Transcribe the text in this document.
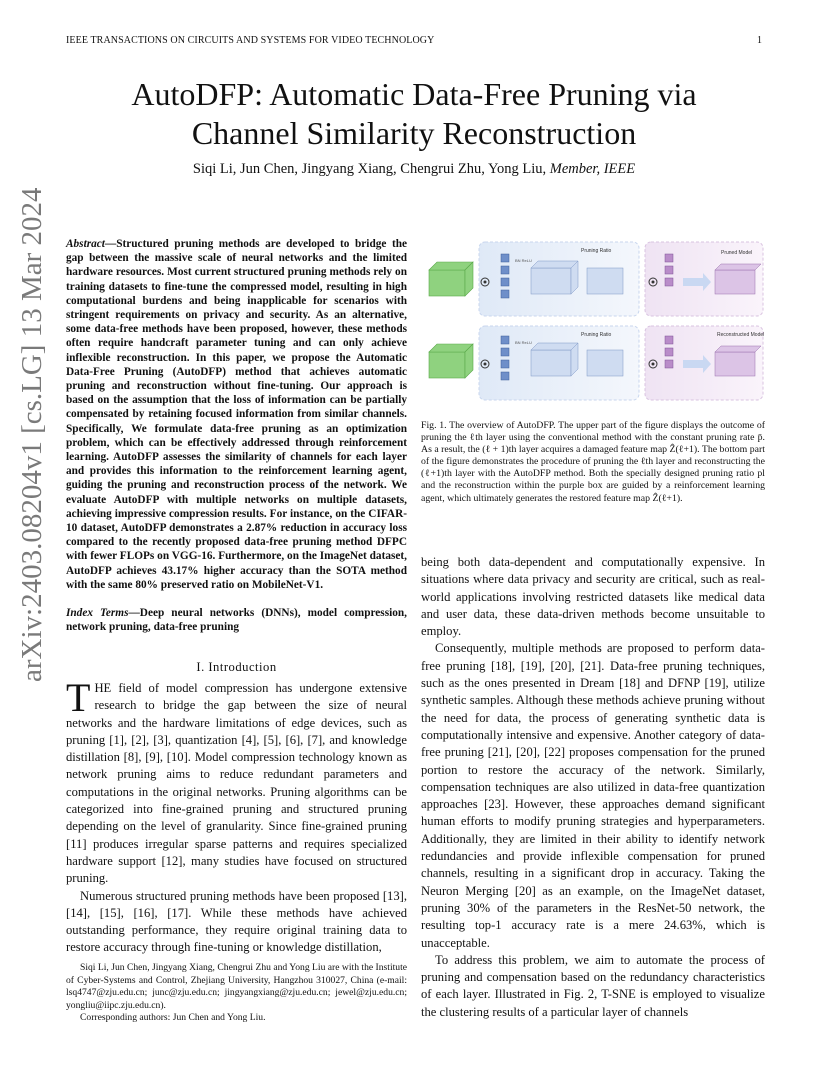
IEEE TRANSACTIONS ON CIRCUITS AND SYSTEMS FOR VIDEO TECHNOLOGY	1
AutoDFP: Automatic Data-Free Pruning via
Channel Similarity Reconstruction
Siqi Li, Jun Chen, Jingyang Xiang, Chengrui Zhu, Yong Liu, Member, IEEE
arXiv:2403.08204v1 [cs.LG] 13 Mar 2024 Abstract—Structured pruning methods are developed to bridge the gap between the massive scale of neural networks and the limited hardware resources. Most current structured pruning methods rely on training datasets to fine-tune the compressed model, resulting in high computational burdens and being inapplicable for scenarios with stringent requirements on privacy and security. As an alternative, some data-free methods have been proposed, however, these methods often require handcraft parameter tuning and can only achieve inflexible reconstruction. In this paper, we propose the Automatic Data-Free Pruning (AutoDFP) method that achieves automatic pruning and reconstruction without fine-tuning. Our approach is based on the assumption that the loss of information can be partially compensated by retaining focused information from similar channels. Specifically, We formulate data-free pruning as an optimization problem, which can be effectively addressed through reinforcement learning. AutoDFP assesses the similarity of channels for each layer and provides this information to the reinforcement learning agent, guiding the pruning and reconstruction process of the network. We evaluate AutoDFP with multiple networks on multiple datasets, achieving impressive compression results. For instance, on the CIFAR-10 dataset, AutoDFP demonstrates a 2.87% reduction in accuracy loss compared to the recently proposed data-free pruning method DFPC with fewer FLOPs on VGG-16. Furthermore, on the ImageNet dataset, AutoDFP achieves 43.17% higher accuracy than the SOTA method with the same 80% preserved ratio on MobileNet-V1.
Index Terms—Deep neural networks (DNNs), model compression, network pruning, data-free pruning
I. Introduction

THE field of model compression has undergone extensive research to bridge the gap between the size of neural networks and the hardware limitations of edge devices, such as pruning [1], [2], [3], quantization [4], [5], [6], [7], and knowledge distillation [8], [9], [10]. Model compression technology known as network pruning aims to reduce redundant parameters and computations in the original networks. Pruning algorithms can be categorized into fine-grained pruning and structured pruning depending on the level of granularity. Since fine-grained pruning [11] produces irregular sparse patterns and requires specialized hardware support [12], many studies have focused on structured pruning.

Numerous structured pruning methods have been proposed [13], [14], [15], [16], [17]. While these methods have achieved outstanding performance, they require original training data to restore accuracy through fine-tuning or knowledge distillation,

Siqi Li, Jun Chen, Jingyang Xiang, Chengrui Zhu and Yong Liu are with the Institute of Cyber-Systems and Control, Zhejiang University, Hangzhou 310027, China (e-mail: lsq4747@zju.edu.cn; junc@zju.edu.cn; jingyangxiang@zju.edu.cn; jewel@zju.edu.cn; yongliu@iipc.zju.edu.cn).

Corresponding authors: Jun Chen and Yong Liu.

Pruning Ratio
Pruning Ratio
Pruned Model
Reconstructed Model
BN ReLU
BN ReLU
Fig. 1. The overview of AutoDFP. The upper part of the figure displays the outcome of pruning the ℓth layer using the conventional method with the constant pruning rate p̄. As a result, the (ℓ + 1)th layer acquires a damaged feature map Ẑ(ℓ+1). The bottom part of the figure demonstrates the procedure of pruning the ℓth layer and reconstructing the (ℓ+1)th layer with the AutoDFP method. Both the specially designed pruning ratio pl and the reconstruction within the purple box are guided by a reinforcement learning agent, which ultimately generates the restored feature map Ẑ(ℓ+1).

being both data-dependent and computationally expensive. In situations where data privacy and security are critical, such as real-world applications involving restricted datasets like medical data and user data, these data-driven methods become unsuitable to employ.

Consequently, multiple methods are proposed to perform data-free pruning [18], [19], [20], [21]. Data-free pruning techniques, such as the ones presented in Dream [18] and DFNP [19], utilize synthetic samples. Although these methods achieve pruning without the need for data, the process of generating synthetic data is computationally intensive and expensive. Another category of data-free pruning [21], [20], [22] proposes compensation for the pruned portion to restore the accuracy of the network. Similarly, compensation techniques are also utilized in data-free quantization approaches [23]. However, these approaches demand significant human efforts to modify pruning strategies and hyperparameters. Additionally, they are limited in their ability to identify network redundancies and provide inflexible compensation for pruned channels, resulting in a significant drop in accuracy. Taking the Neuron Merging [20] as an example, on the ImageNet dataset, pruning 30% of the parameters in the ResNet-50 network, the resulting top-1 accuracy rate is a mere 24.63%, which is unacceptable.

To address this problem, we aim to automate the process of pruning and compensation based on the redundancy characteristics of each layer. Illustrated in Fig. 2, T-SNE is employed to visualize the clustering results of a particular layer of channels
